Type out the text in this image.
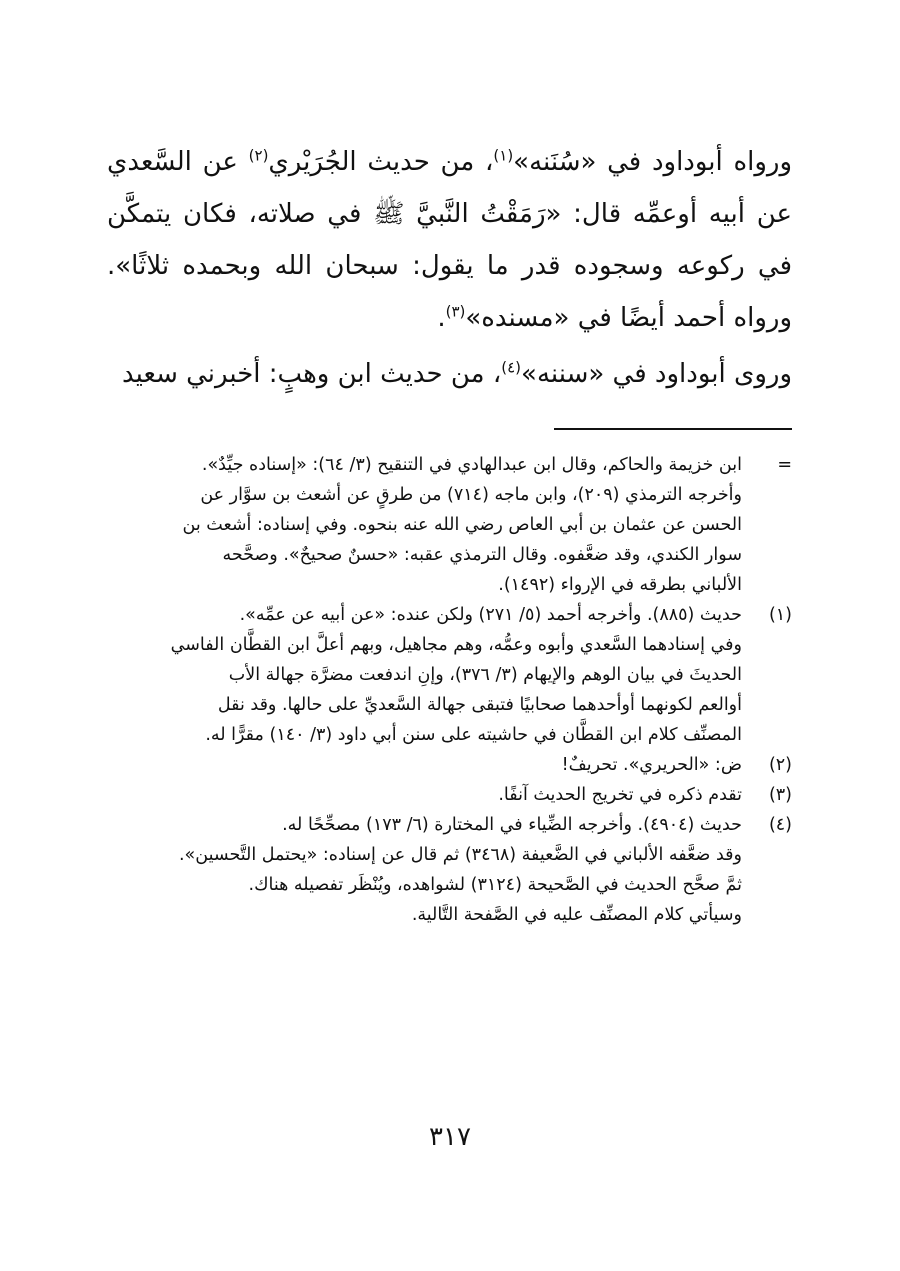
ورواه أبوداود في «سُنَنه»$^{(١)}$، من حديث الجُرَيْري$^{(٢)}$ عن السَّعدي عن أبيه أوعمِّه قال: «رَمَقْتُ النَّبيَّ ﷺ في صلاته، فكان يتمكَّن في ركوعه وسجوده قدر ما يقول: سبحان الله وبحمده ثلاثًا». ورواه أحمد أيضًا في «مسنده»$^{(٣)}$.

وروى أبوداود في «سننه»$^{(٤)}$، من حديث ابن وهبٍ: أخبرني سعيد

=
ابن خزيمة والحاكم، وقال ابن عبدالهادي في التنقيح (٣/ ٦٤): «إسناده جيِّدٌ».
وأخرجه الترمذي (٢٠٩)، وابن ماجه (٧١٤) من طرقٍ عن أشعث بن سوَّار عن
الحسن عن عثمان بن أبي العاص رضي الله عنه بنحوه. وفي إسناده: أشعث بن
سوار الكندي، وقد ضعَّفوه. وقال الترمذي عقبه: «حسنٌ صحيحٌ». وصحَّحه
الألباني بطرقه في الإرواء (١٤٩٢).
(١)
حديث (٨٨٥). وأخرجه أحمد (٥/ ٢٧١) ولكن عنده: «عن أبيه عن عمِّه».
وفي إسنادهما السَّعدي وأبوه وعمُّه، وهم مجاهيل، وبهم أعلَّ ابن القطَّان الفاسي
الحديثَ في بيان الوهم والإيهام (٣/ ٣٧٦)، وإنِ اندفعت مضرَّة جهالة الأب
أوالعم لكونهما أوأحدهما صحابيًا فتبقى جهالة السَّعديِّ على حالها. وقد نقل
المصنِّف كلام ابن القطَّان في حاشيته على سنن أبي داود (٣/ ١٤٠) مقرًّا له.
(٢)
ض: «الحريري». تحريفٌ!
(٣)
تقدم ذكره في تخريج الحديث آنفًا.
(٤)
حديث (٤٩٠٤). وأخرجه الضِّياء في المختارة (٦/ ١٧٣) مصحِّحًا له.
وقد ضعَّفه الألباني في الضَّعيفة (٣٤٦٨) ثم قال عن إسناده: «يحتمل التَّحسين».
ثمَّ صحَّح الحديث في الصَّحيحة (٣١٢٤) لشواهده، ويُنْظَر تفصيله هناك.
وسيأتي كلام المصنِّف عليه في الصَّفحة التَّالية.
٣١٧
